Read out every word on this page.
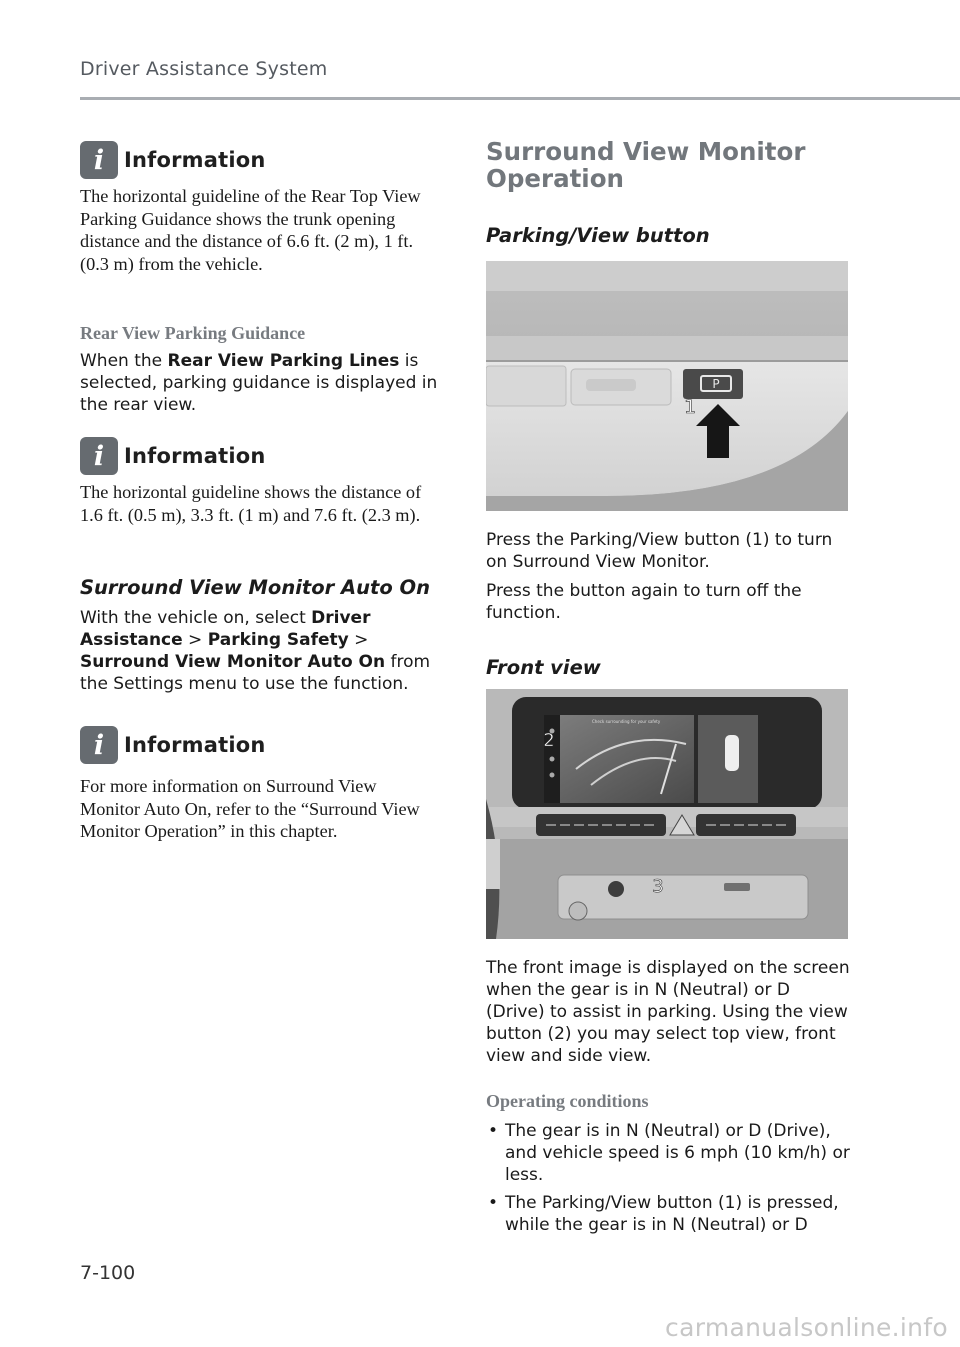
Driver Assistance System
i Information

The horizontal guideline of the Rear Top View Parking Guidance shows the trunk opening distance and the distance of 6.6 ft. (2 m), 1 ft. (0.3 m) from the vehicle.

Rear View Parking Guidance

When the Rear View Parking Lines is selected, parking guidance is displayed in the rear view.

i Information

The horizontal guideline shows the distance of 1.6 ft. (0.5 m), 3.3 ft. (1 m) and 7.6 ft. (2.3 m).

Surround View Monitor Auto On

With the vehicle on, select Driver Assistance > Parking Safety > Surround View Monitor Auto On from the Settings menu to use the function.

i Information

For more information on Surround View Monitor Auto On, refer to the “Surround View Monitor Operation” in this chapter.

Surround View Monitor
Operation
Parking/View button
P
1

Press the Parking/View button (1) to turn on Surround View Monitor.

Press the button again to turn off the function.

Front view
Check surrounding for your safety
2
3

The front image is displayed on the screen when the gear is in N (Neutral) or D (Drive) to assist in parking. Using the view button (2) you may select top view, front view and side view.

Operating conditions
• The gear is in N (Neutral) or D (Drive), and vehicle speed is 6 mph (10 km/h) or less.
• The Parking/View button (1) is pressed, while the gear is in N (Neutral) or D
7-100
carmanualsonline.info
